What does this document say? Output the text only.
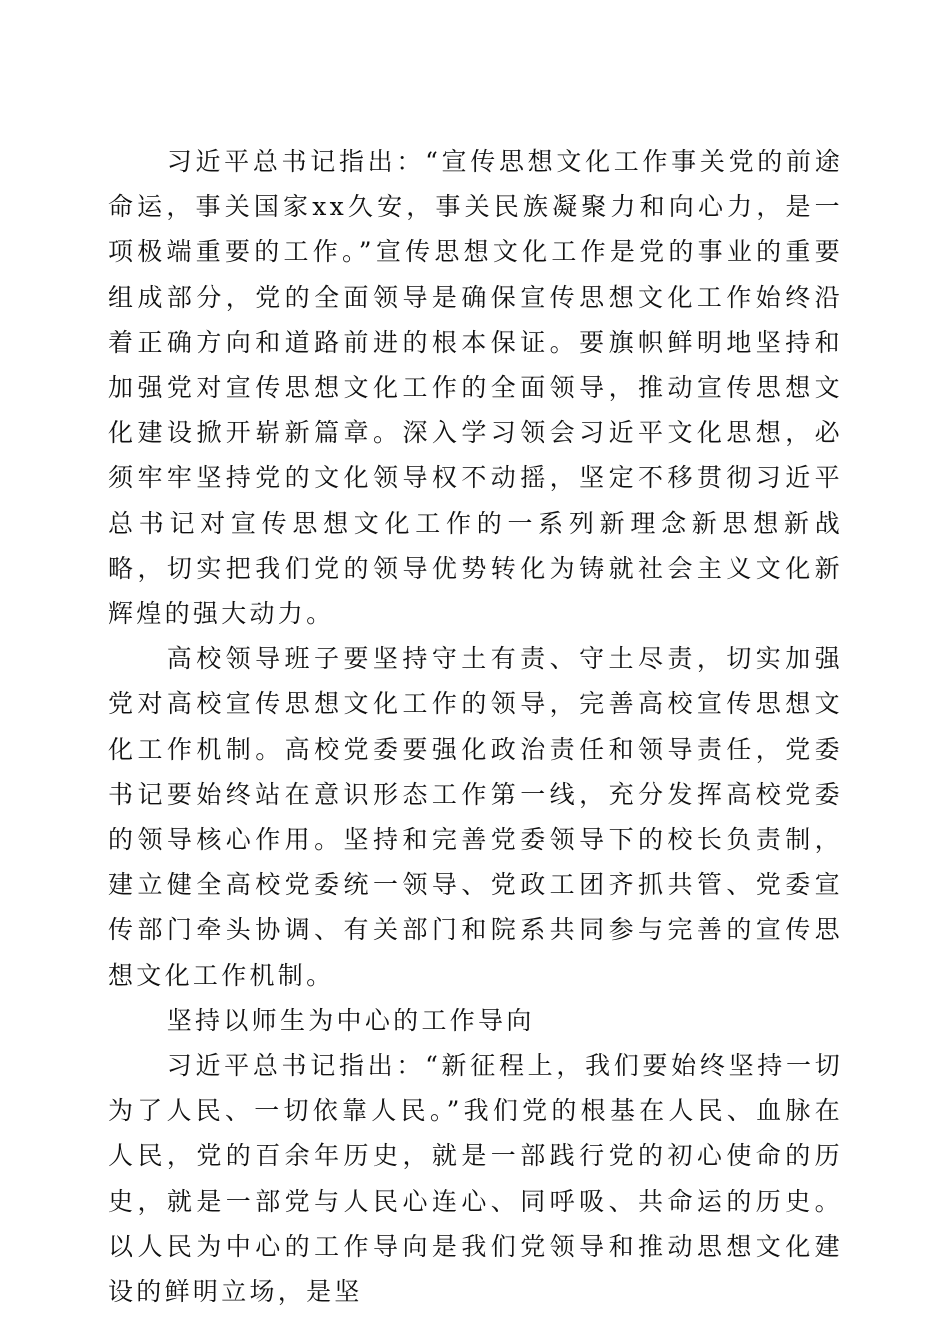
习近平总书记指出：“宣传思想文化工作事关党的前途命运，事关国家xx久安，事关民族凝聚力和向心力，是一项极端重要的工作。”宣传思想文化工作是党的事业的重要组成部分，党的全面领导是确保宣传思想文化工作始终沿着正确方向和道路前进的根本保证。要旗帜鲜明地坚持和加强党对宣传思想文化工作的全面领导，推动宣传思想文化建设掀开崭新篇章。深入学习领会习近平文化思想，必须牢牢坚持党的文化领导权不动摇，坚定不移贯彻习近平总书记对宣传思想文化工作的一系列新理念新思想新战略，切实把我们党的领导优势转化为铸就社会主义文化新辉煌的强大动力。

高校领导班子要坚持守土有责、守土尽责，切实加强党对高校宣传思想文化工作的领导，完善高校宣传思想文化工作机制。高校党委要强化政治责任和领导责任，党委书记要始终站在意识形态工作第一线，充分发挥高校党委的领导核心作用。坚持和完善党委领导下的校长负责制，建立健全高校党委统一领导、党政工团齐抓共管、党委宣传部门牵头协调、有关部门和院系共同参与完善的宣传思想文化工作机制。

坚持以师生为中心的工作导向

习近平总书记指出：“新征程上，我们要始终坚持一切为了人民、一切依靠人民。”我们党的根基在人民、血脉在人民，党的百余年历史，就是一部践行党的初心使命的历史，就是一部党与人民心连心、同呼吸、共命运的历史。以人民为中心的工作导向是我们党领导和推动思想文化建设的鲜明立场，是坚
